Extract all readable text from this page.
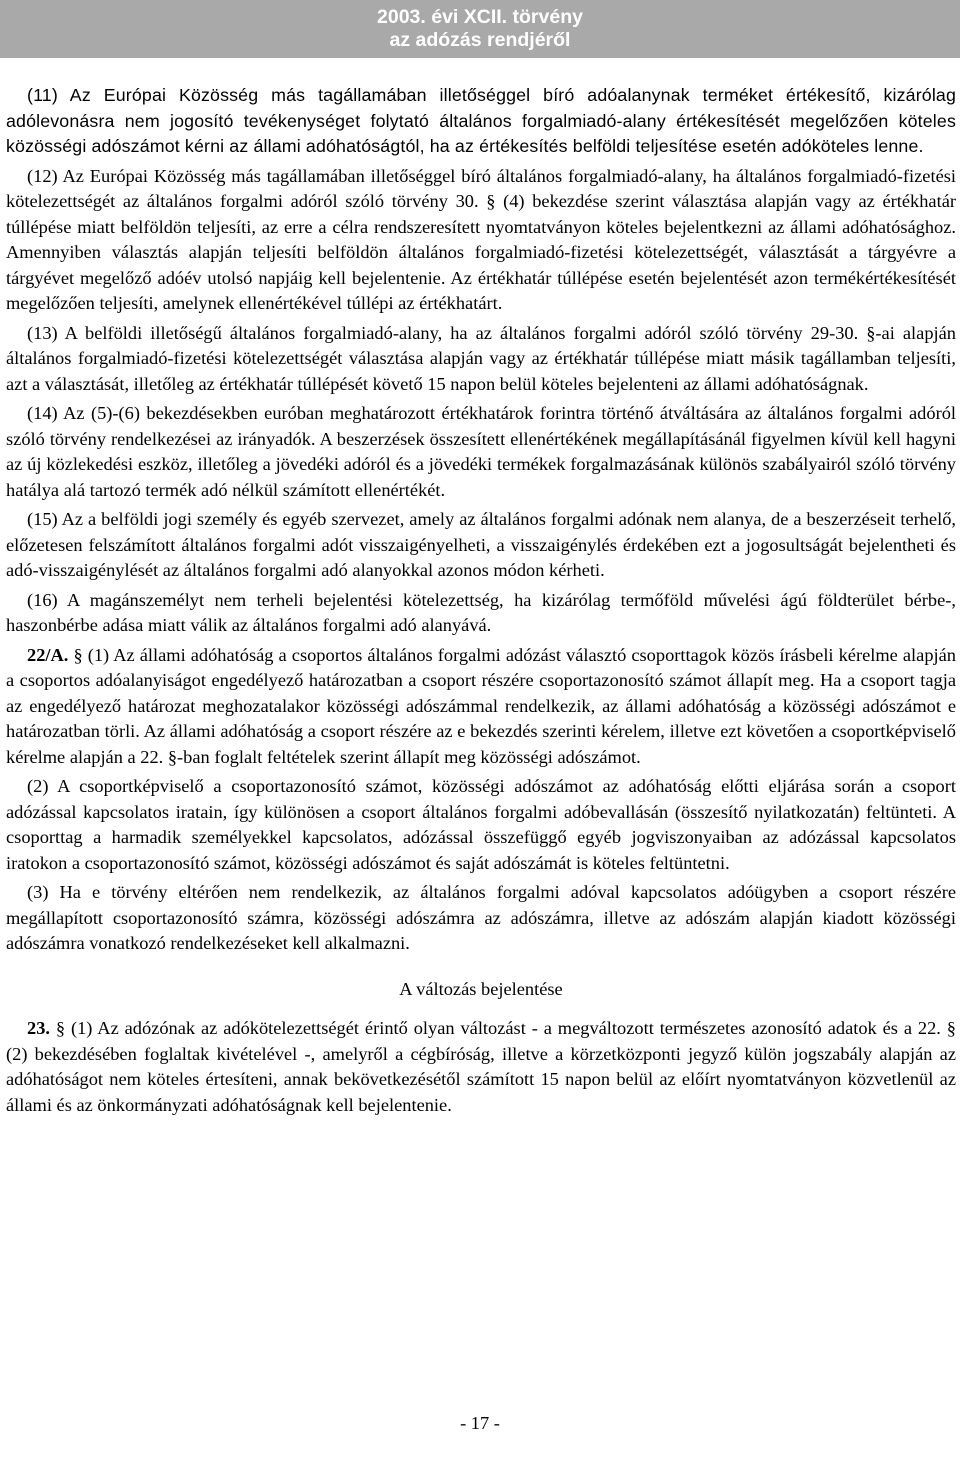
2003. évi XCII. törvény
az adózás rendjéről

(11) Az Európai Közösség más tagállamában illetőséggel bíró adóalanynak terméket értékesítő, kizárólag adólevonásra nem jogosító tevékenységet folytató általános forgalmiadó-alany értékesítését megelőzően köteles közösségi adószámot kérni az állami adóhatóságtól, ha az értékesítés belföldi teljesítése esetén adóköteles lenne.

(12) Az Európai Közösség más tagállamában illetőséggel bíró általános forgalmiadó-alany, ha általános forgalmiadó-fizetési kötelezettségét az általános forgalmi adóról szóló törvény 30. § (4) bekezdése szerint választása alapján vagy az értékhatár túllépése miatt belföldön teljesíti, az erre a célra rendszeresített nyomtatványon köteles bejelentkezni az állami adóhatósághoz. Amennyiben választás alapján teljesíti belföldön általános forgalmiadó-fizetési kötelezettségét, választását a tárgyévre a tárgyévet megelőző adóév utolsó napjáig kell bejelentenie. Az értékhatár túllépése esetén bejelentését azon termékértékesítését megelőzően teljesíti, amelynek ellenértékével túllépi az értékhatárt.

(13) A belföldi illetőségű általános forgalmiadó-alany, ha az általános forgalmi adóról szóló törvény 29-30. §-ai alapján általános forgalmiadó-fizetési kötelezettségét választása alapján vagy az értékhatár túllépése miatt másik tagállamban teljesíti, azt a választását, illetőleg az értékhatár túllépését követő 15 napon belül köteles bejelenteni az állami adóhatóságnak.

(14) Az (5)-(6) bekezdésekben euróban meghatározott értékhatárok forintra történő átváltására az általános forgalmi adóról szóló törvény rendelkezései az irányadók. A beszerzések összesített ellenértékének megállapításánál figyelmen kívül kell hagyni az új közlekedési eszköz, illetőleg a jövedéki adóról és a jövedéki termékek forgalmazásának különös szabályairól szóló törvény hatálya alá tartozó termék adó nélkül számított ellenértékét.

(15) Az a belföldi jogi személy és egyéb szervezet, amely az általános forgalmi adónak nem alanya, de a beszerzéseit terhelő, előzetesen felszámított általános forgalmi adót visszaigényelheti, a visszaigénylés érdekében ezt a jogosultságát bejelentheti és adó-visszaigénylését az általános forgalmi adó alanyokkal azonos módon kérheti.

(16) A magánszemélyt nem terheli bejelentési kötelezettség, ha kizárólag termőföld művelési ágú földterület bérbe-, haszonbérbe adása miatt válik az általános forgalmi adó alanyává.

22/A. § (1) Az állami adóhatóság a csoportos általános forgalmi adózást választó csoporttagok közös írásbeli kérelme alapján a csoportos adóalanyiságot engedélyező határozatban a csoport részére csoportazonosító számot állapít meg. Ha a csoport tagja az engedélyező határozat meghozatalakor közösségi adószámmal rendelkezik, az állami adóhatóság a közösségi adószámot e határozatban törli. Az állami adóhatóság a csoport részére az e bekezdés szerinti kérelem, illetve ezt követően a csoportképviselő kérelme alapján a 22. §-ban foglalt feltételek szerint állapít meg közösségi adószámot.

(2) A csoportképviselő a csoportazonosító számot, közösségi adószámot az adóhatóság előtti eljárása során a csoport adózással kapcsolatos iratain, így különösen a csoport általános forgalmi adóbevallásán (összesítő nyilatkozatán) feltünteti. A csoporttag a harmadik személyekkel kapcsolatos, adózással összefüggő egyéb jogviszonyaiban az adózással kapcsolatos iratokon a csoportazonosító számot, közösségi adószámot és saját adószámát is köteles feltüntetni.

(3) Ha e törvény eltérően nem rendelkezik, az általános forgalmi adóval kapcsolatos adóügyben a csoport részére megállapított csoportazonosító számra, közösségi adószámra az adószámra, illetve az adószám alapján kiadott közösségi adószámra vonatkozó rendelkezéseket kell alkalmazni.

A változás bejelentése

23. § (1) Az adózónak az adókötelezettségét érintő olyan változást - a megváltozott természetes azonosító adatok és a 22. § (2) bekezdésében foglaltak kivételével -, amelyről a cégbíróság, illetve a körzetközponti jegyző külön jogszabály alapján az adóhatóságot nem köteles értesíteni, annak bekövetkezésétől számított 15 napon belül az előírt nyomtatványon közvetlenül az állami és az önkormányzati adóhatóságnak kell bejelentenie.

- 17 -
